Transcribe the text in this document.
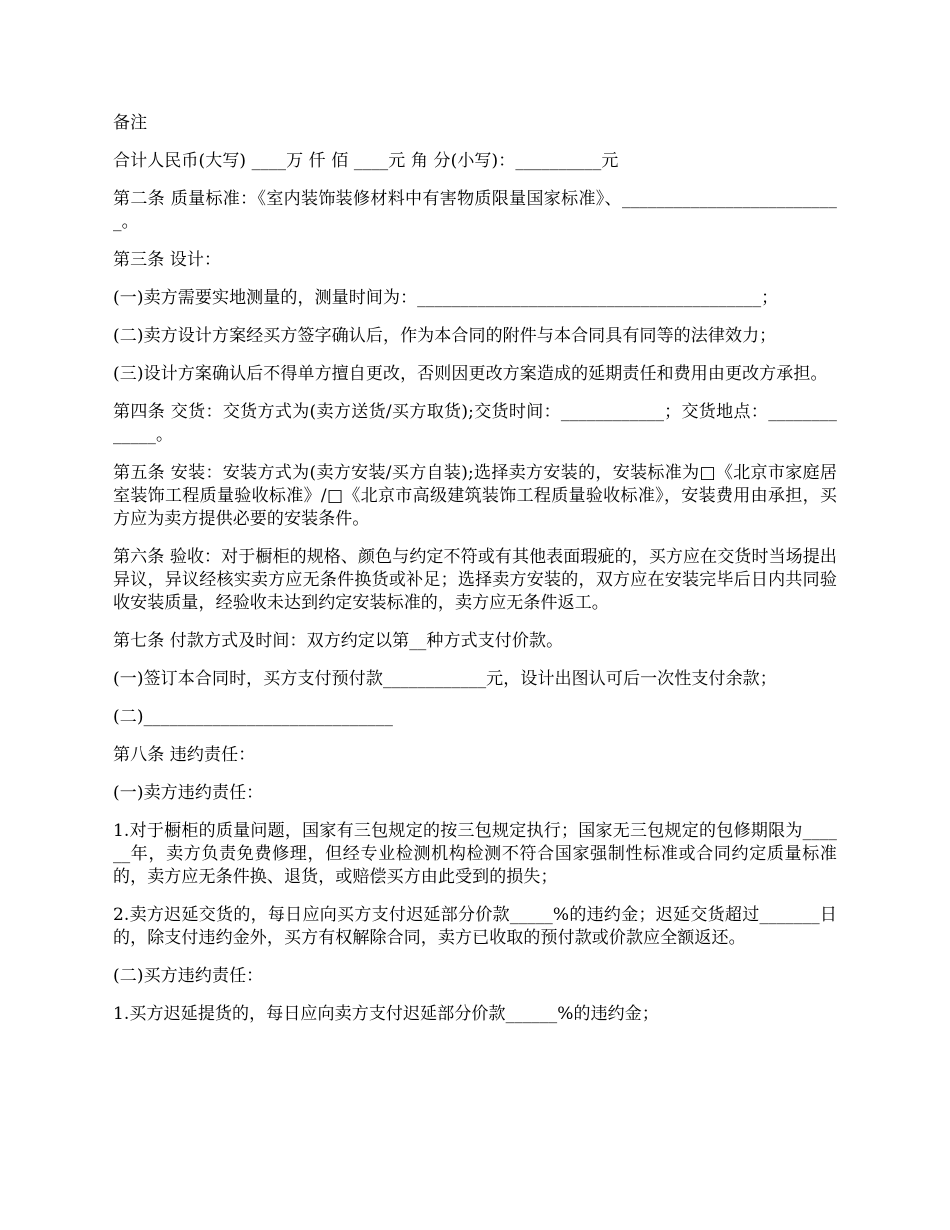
备注

合计人民币(大写) ____万 仟 佰 ____元 角 分(小写)：__________元

第二条 质量标准：《室内装饰装修材料中有害物质限量国家标准》、__________________________。

第三条 设计：

(一)卖方需要实地测量的，测量时间为：________________________________________；

(二)卖方设计方案经买方签字确认后，作为本合同的附件与本合同具有同等的法律效力；

(三)设计方案确认后不得单方擅自更改，否则因更改方案造成的延期责任和费用由更改方承担。

第四条 交货：交货方式为(卖方送货/买方取货);交货时间：____________；交货地点：_____________。

第五条 安装：安装方式为(卖方安装/买方自装);选择卖方安装的，安装标准为□《北京市家庭居室装饰工程质量验收标准》/□《北京市高级建筑装饰工程质量验收标准》，安装费用由承担，买方应为卖方提供必要的安装条件。

第六条 验收：对于橱柜的规格、颜色与约定不符或有其他表面瑕疵的，买方应在交货时当场提出异议，异议经核实卖方应无条件换货或补足；选择卖方安装的，双方应在安装完毕后日内共同验收安装质量，经验收未达到约定安装标准的，卖方应无条件返工。

第七条 付款方式及时间：双方约定以第__种方式支付价款。

(一)签订本合同时，买方支付预付款____________元，设计出图认可后一次性支付余款；

(二)_____________________________

第八条 违约责任：

(一)卖方违约责任：

1.对于橱柜的质量问题，国家有三包规定的按三包规定执行；国家无三包规定的包修期限为______年，卖方负责免费修理，但经专业检测机构检测不符合国家强制性标准或合同约定质量标准的，卖方应无条件换、退货，或赔偿买方由此受到的损失；

2.卖方迟延交货的，每日应向买方支付迟延部分价款_____%的违约金；迟延交货超过_______日的，除支付违约金外，买方有权解除合同，卖方已收取的预付款或价款应全额返还。

(二)买方违约责任：

1.买方迟延提货的，每日应向卖方支付迟延部分价款______%的违约金；
